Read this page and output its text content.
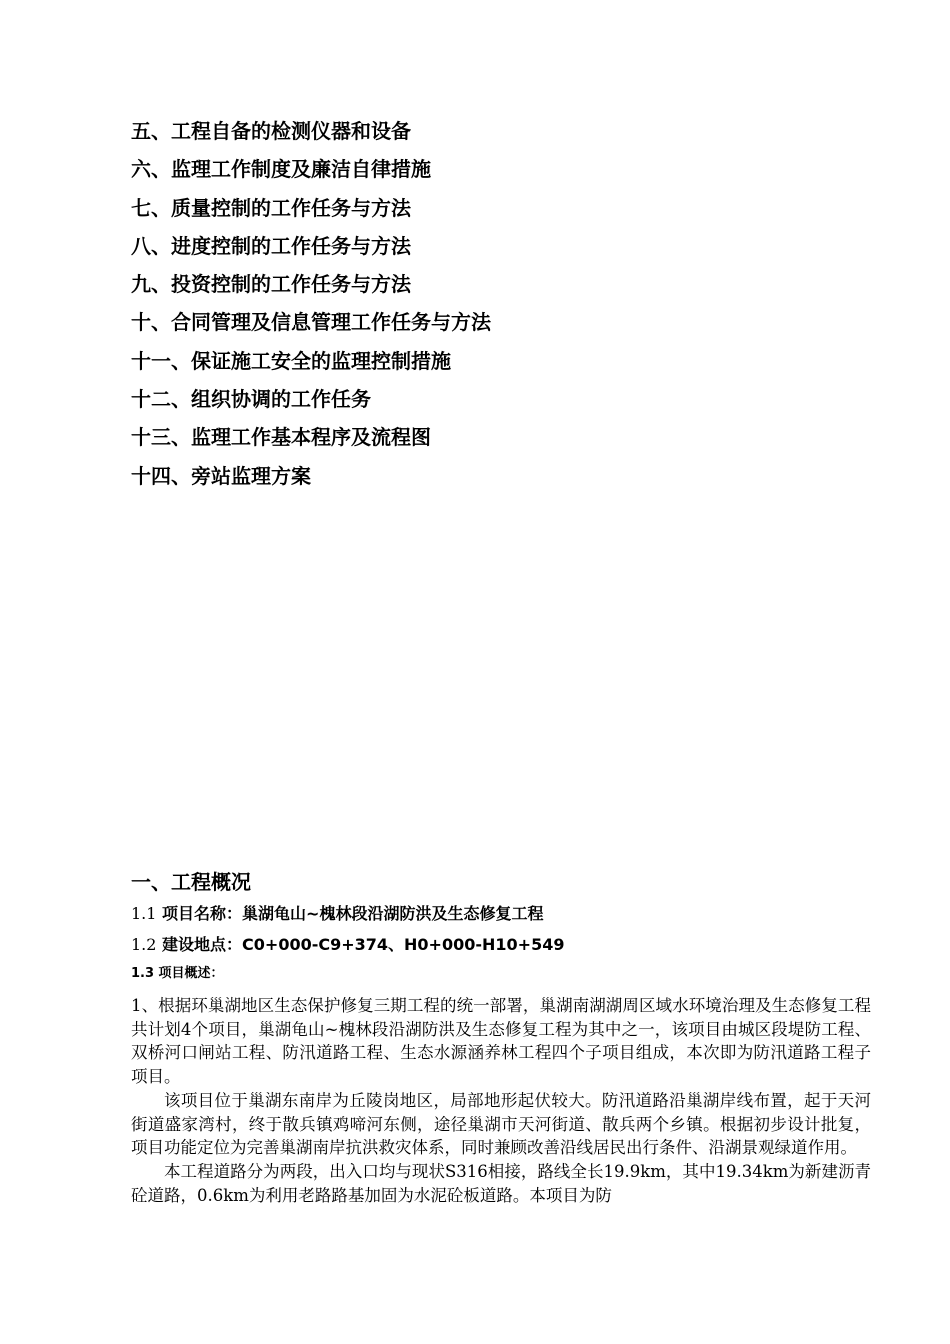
五、工程自备的检测仪器和设备
六、监理工作制度及廉洁自律措施
七、质量控制的工作任务与方法
八、进度控制的工作任务与方法
九、投资控制的工作任务与方法
十、合同管理及信息管理工作任务与方法
十一、保证施工安全的监理控制措施
十二、组织协调的工作任务
十三、监理工作基本程序及流程图
十四、旁站监理方案
一、工程概况
1.1 项目名称：巢湖龟山~槐林段沿湖防洪及生态修复工程
1.2 建设地点：C0+000-C9+374、H0+000-H10+549
1.3 项目概述：

1、根据环巢湖地区生态保护修复三期工程的统一部署，巢湖南湖湖周区域水环境治理及生态修复工程共计划4个项目，巢湖龟山~槐林段沿湖防洪及生态修复工程为其中之一，该项目由城区段堤防工程、双桥河口闸站工程、防汛道路工程、生态水源涵养林工程四个子项目组成，本次即为防汛道路工程子项目。

该项目位于巢湖东南岸为丘陵岗地区，局部地形起伏较大。防汛道路沿巢湖岸线布置，起于天河街道盛家湾村，终于散兵镇鸡啼河东侧，途径巢湖市天河街道、散兵两个乡镇。根据初步设计批复，项目功能定位为完善巢湖南岸抗洪救灾体系，同时兼顾改善沿线居民出行条件、沿湖景观绿道作用。

本工程道路分为两段，出入口均与现状S316相接，路线全长19.9km，其中19.34km为新建沥青砼道路，0.6km为利用老路路基加固为水泥砼板道路。本项目为防
